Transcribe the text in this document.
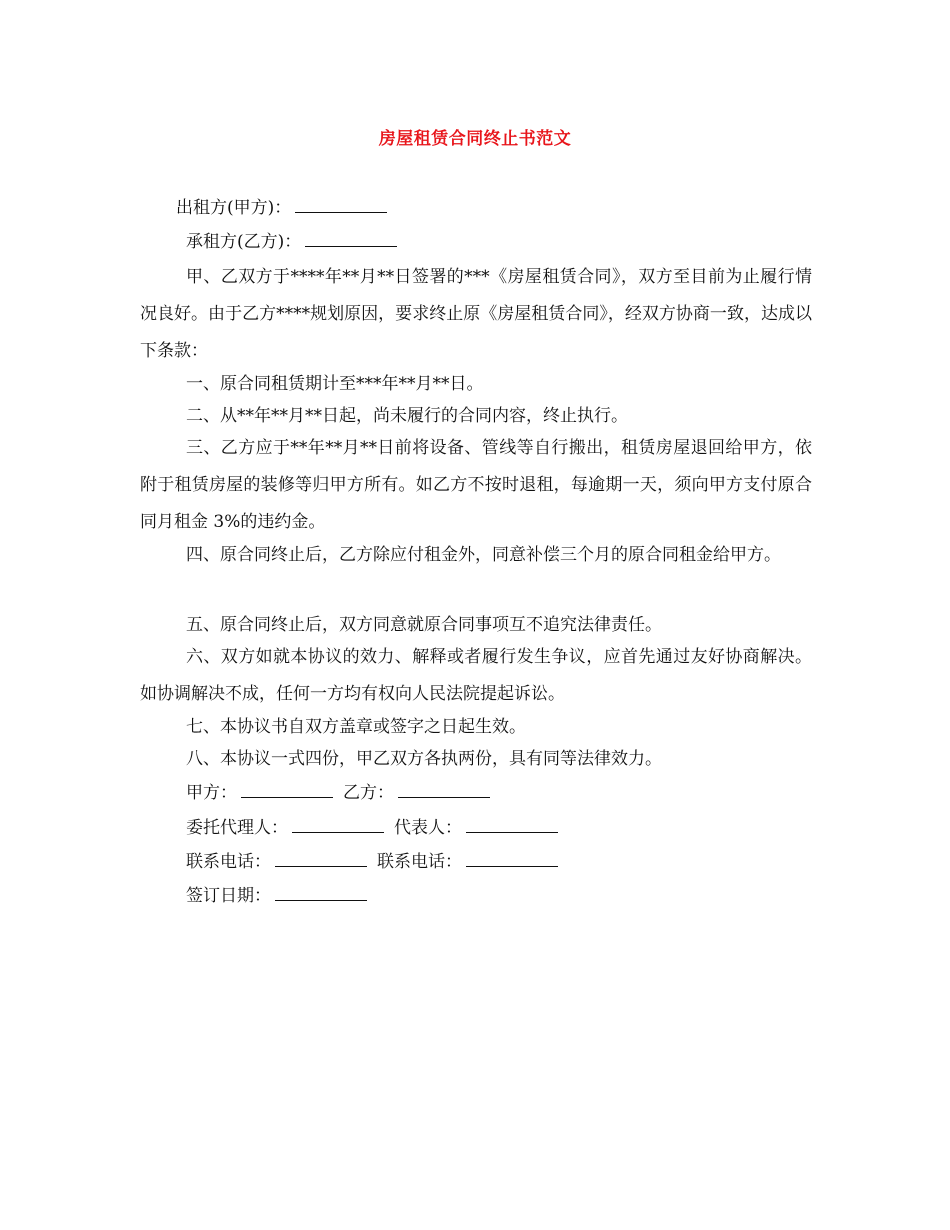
房屋租赁合同终止书范文
出租方(甲方)：
承租方(乙方)：

甲、乙双方于****年**月**日签署的***《房屋租赁合同》，双方至目前为止履行情况良好。由于乙方****规划原因，要求终止原《房屋租赁合同》，经双方协商一致，达成以下条款：

一、原合同租赁期计至***年**月**日。

二、从**年**月**日起，尚未履行的合同内容，终止执行。

三、乙方应于**年**月**日前将设备、管线等自行搬出，租赁房屋退回给甲方，依附于租赁房屋的装修等归甲方所有。如乙方不按时退租，每逾期一天，须向甲方支付原合同月租金 3%的违约金。

四、原合同终止后，乙方除应付租金外，同意补偿三个月的原合同租金给甲方。

五、原合同终止后，双方同意就原合同事项互不追究法律责任。

六、双方如就本协议的效力、解释或者履行发生争议，应首先通过友好协商解决。如协调解决不成，任何一方均有权向人民法院提起诉讼。

七、本协议书自双方盖章或签字之日起生效。

八、本协议一式四份，甲乙双方各执两份，具有同等法律效力。

甲方：	乙方：
委托代理人：	代表人：
联系电话：	联系电话：
签订日期：
